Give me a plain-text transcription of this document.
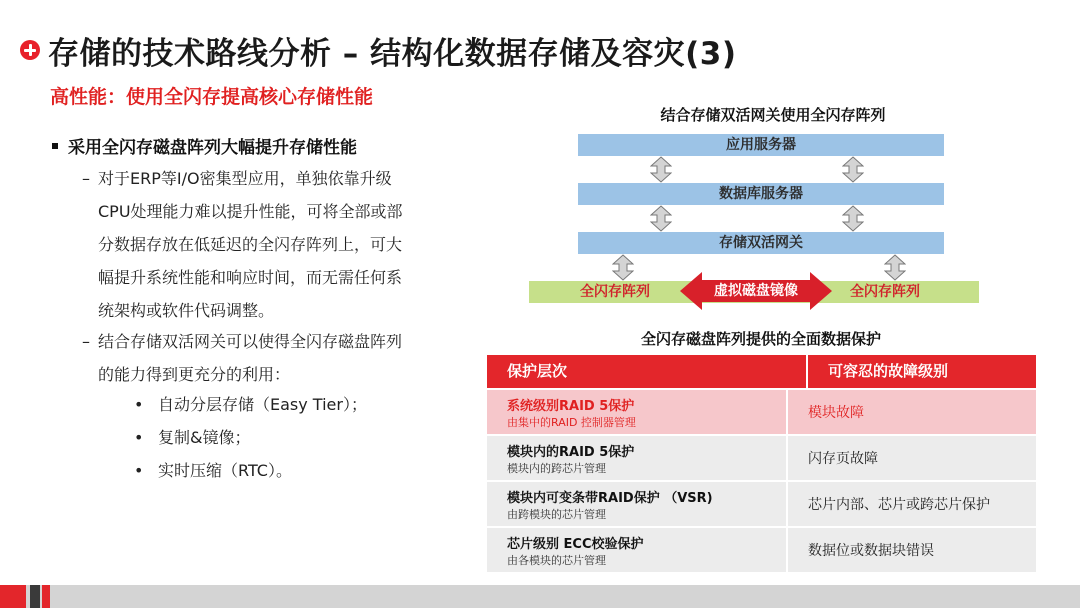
存储的技术路线分析 – 结构化数据存储及容灾(3)
高性能：使用全闪存提高核心存储性能
采用全闪存磁盘阵列大幅提升存储性能
– 对于ERP等I/O密集型应用，单独依靠升级
CPU处理能力难以提升性能，可将全部或部
分数据存放在低延迟的全闪存阵列上，可大
幅提升系统性能和响应时间，而无需任何系
统架构或软件代码调整。
– 结合存储双活网关可以使得全闪存磁盘阵列
的能力得到更充分的利用：
• 自动分层存储（Easy Tier）；
• 复制&镜像；
• 实时压缩（RTC）。
结合存储双活网关使用全闪存阵列
应用服务器
数据库服务器
存储双活网关
全闪存阵列	全闪存阵列
虚拟磁盘镜像
全闪存磁盘阵列提供的全面数据保护
保护层次	可容忍的故障级别
系统级别RAID 5保护
由集中的RAID 控制器管理
模块故障
模块内的RAID 5保护
模块内的跨芯片管理
闪存页故障
模块内可变条带RAID保护 （VSR)
由跨模块的芯片管理
芯片内部、芯片或跨芯片保护
芯片级别 ECC校验保护
由各模块的芯片管理
数据位或数据块错误
